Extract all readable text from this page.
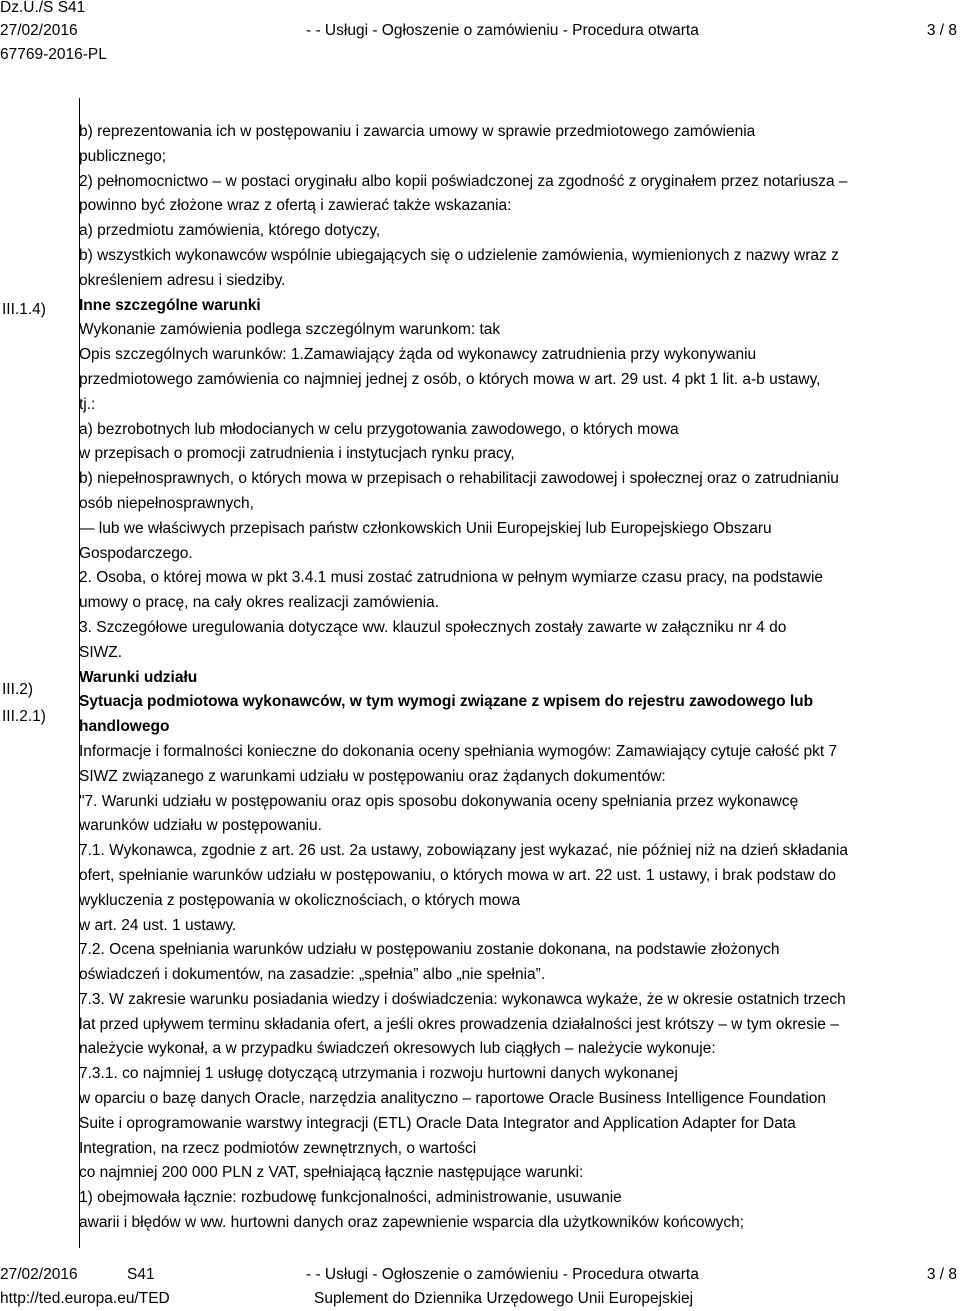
Dz.U./S S41
27/02/2016	- - Usługi - Ogłoszenie o zamówieniu - Procedura otwarta	3 / 8
67769-2016-PL
III.1.4)
III.2)
III.2.1)
b) reprezentowania ich w postępowaniu i zawarcia umowy w sprawie przedmiotowego zamówienia
publicznego;
2) pełnomocnictwo – w postaci oryginału albo kopii poświadczonej za zgodność z oryginałem przez notariusza –
powinno być złożone wraz z ofertą i zawierać także wskazania:
a) przedmiotu zamówienia, którego dotyczy,
b) wszystkich wykonawców wspólnie ubiegających się o udzielenie zamówienia, wymienionych z nazwy wraz z
określeniem adresu i siedziby.
Inne szczególne warunki
Wykonanie zamówienia podlega szczególnym warunkom: tak
Opis szczególnych warunków: 1.Zamawiający żąda od wykonawcy zatrudnienia przy wykonywaniu
przedmiotowego zamówienia co najmniej jednej z osób, o których mowa w art. 29 ust. 4 pkt 1 lit. a-b ustawy,
tj.:
a) bezrobotnych lub młodocianych w celu przygotowania zawodowego, o których mowa
w przepisach o promocji zatrudnienia i instytucjach rynku pracy,
b) niepełnosprawnych, o których mowa w przepisach o rehabilitacji zawodowej i społecznej oraz o zatrudnianiu
osób niepełnosprawnych,
— lub we właściwych przepisach państw członkowskich Unii Europejskiej lub Europejskiego Obszaru
Gospodarczego.
2. Osoba, o której mowa w pkt 3.4.1 musi zostać zatrudniona w pełnym wymiarze czasu pracy, na podstawie
umowy o pracę, na cały okres realizacji zamówienia.
3. Szczegółowe uregulowania dotyczące ww. klauzul społecznych zostały zawarte w załączniku nr 4 do
SIWZ.
Warunki udziału
Sytuacja podmiotowa wykonawców, w tym wymogi związane z wpisem do rejestru zawodowego lub
handlowego
Informacje i formalności konieczne do dokonania oceny spełniania wymogów: Zamawiający cytuje całość pkt 7
SIWZ związanego z warunkami udziału w postępowaniu oraz żądanych dokumentów:
"7. Warunki udziału w postępowaniu oraz opis sposobu dokonywania oceny spełniania przez wykonawcę
warunków udziału w postępowaniu.
7.1. Wykonawca, zgodnie z art. 26 ust. 2a ustawy, zobowiązany jest wykazać, nie później niż na dzień składania
ofert, spełnianie warunków udziału w postępowaniu, o których mowa w art. 22 ust. 1 ustawy, i brak podstaw do
wykluczenia z postępowania w okolicznościach, o których mowa
w art. 24 ust. 1 ustawy.
7.2. Ocena spełniania warunków udziału w postępowaniu zostanie dokonana, na podstawie złożonych
oświadczeń i dokumentów, na zasadzie: „spełnia” albo „nie spełnia”.
7.3. W zakresie warunku posiadania wiedzy i doświadczenia: wykonawca wykaże, że w okresie ostatnich trzech
lat przed upływem terminu składania ofert, a jeśli okres prowadzenia działalności jest krótszy – w tym okresie –
należycie wykonał, a w przypadku świadczeń okresowych lub ciągłych – należycie wykonuje:
7.3.1. co najmniej 1 usługę dotyczącą utrzymania i rozwoju hurtowni danych wykonanej
w oparciu o bazę danych Oracle, narzędzia analityczno – raportowe Oracle Business Intelligence Foundation
Suite i oprogramowanie warstwy integracji (ETL) Oracle Data Integrator and Application Adapter for Data
Integration, na rzecz podmiotów zewnętrznych, o wartości
co najmniej 200 000 PLN z VAT, spełniającą łącznie następujące warunki:
1) obejmowała łącznie: rozbudowę funkcjonalności, administrowanie, usuwanie
awarii i błędów w ww. hurtowni danych oraz zapewnienie wsparcia dla użytkowników końcowych;
27/02/2016	S41	- - Usługi - Ogłoszenie o zamówieniu - Procedura otwarta	3 / 8
http://ted.europa.eu/TED	Suplement do Dziennika Urzędowego Unii Europejskiej
